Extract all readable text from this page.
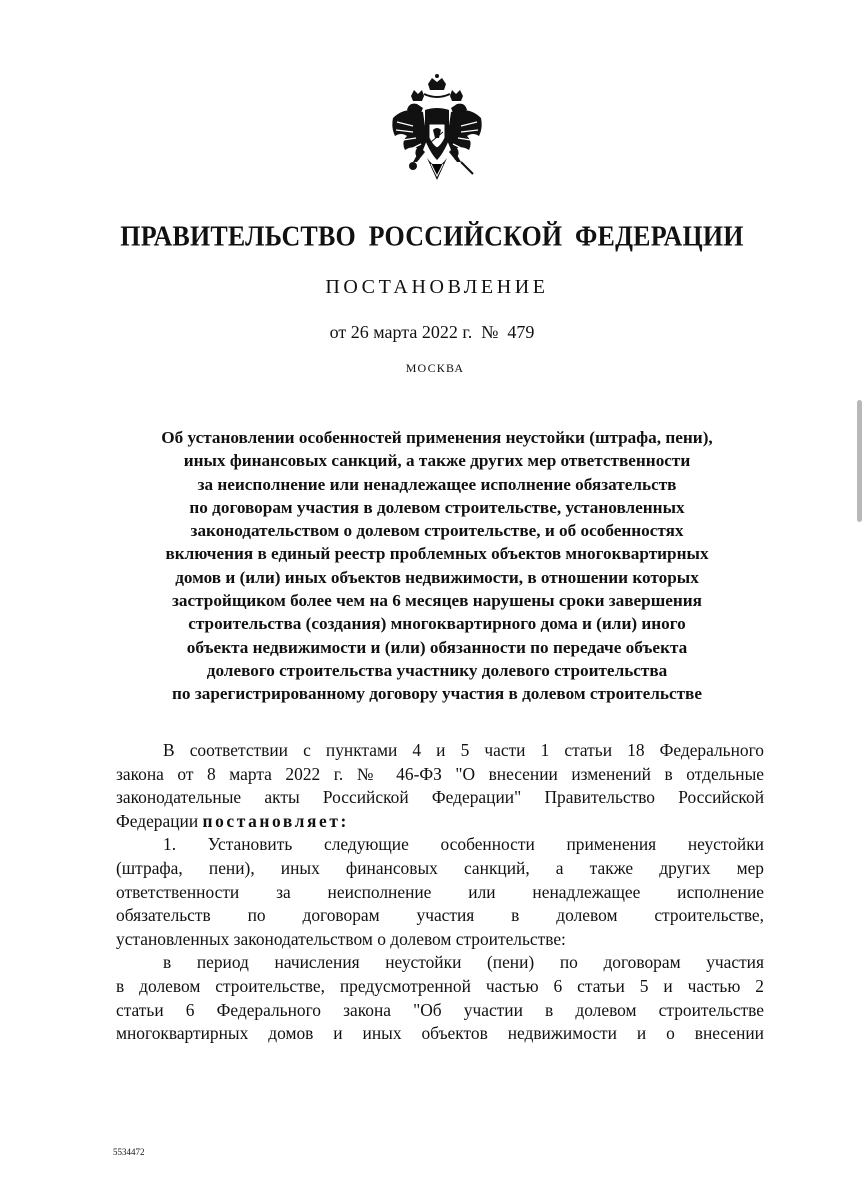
ПРАВИТЕЛЬСТВО РОССИЙСКОЙ ФЕДЕРАЦИИ
ПОСТАНОВЛЕНИЕ
от 26 марта 2022 г.  №  479
МОСКВА
Об установлении особенностей применения неустойки (штрафа, пени),
иных финансовых санкций, а также других мер ответственности
за неисполнение или ненадлежащее исполнение обязательств
по договорам участия в долевом строительстве, установленных
законодательством о долевом строительстве, и об особенностях
включения в единый реестр проблемных объектов многоквартирных
домов и (или) иных объектов недвижимости, в отношении которых
застройщиком более чем на 6 месяцев нарушены сроки завершения
строительства (создания) многоквартирного дома и (или) иного
объекта недвижимости и (или) обязанности по передаче объекта
долевого строительства участнику долевого строительства
по зарегистрированному договору участия в долевом строительстве
В соответствии с пунктами 4 и 5 части 1 статьи 18 Федерального
закона от 8 марта 2022 г. № 46-ФЗ "О внесении изменений в отдельные
законодательные акты Российской Федерации" Правительство Российской
Федерации постановляет:
1. Установить следующие особенности применения неустойки
(штрафа, пени), иных финансовых санкций, а также других мер
ответственности за неисполнение или ненадлежащее исполнение
обязательств по договорам участия в долевом строительстве,
установленных законодательством о долевом строительстве:
в период начисления неустойки (пени) по договорам участия
в долевом строительстве, предусмотренной частью 6 статьи 5 и частью 2
статьи 6 Федерального закона "Об участии в долевом строительстве
многоквартирных домов и иных объектов недвижимости и о внесении
5534472
